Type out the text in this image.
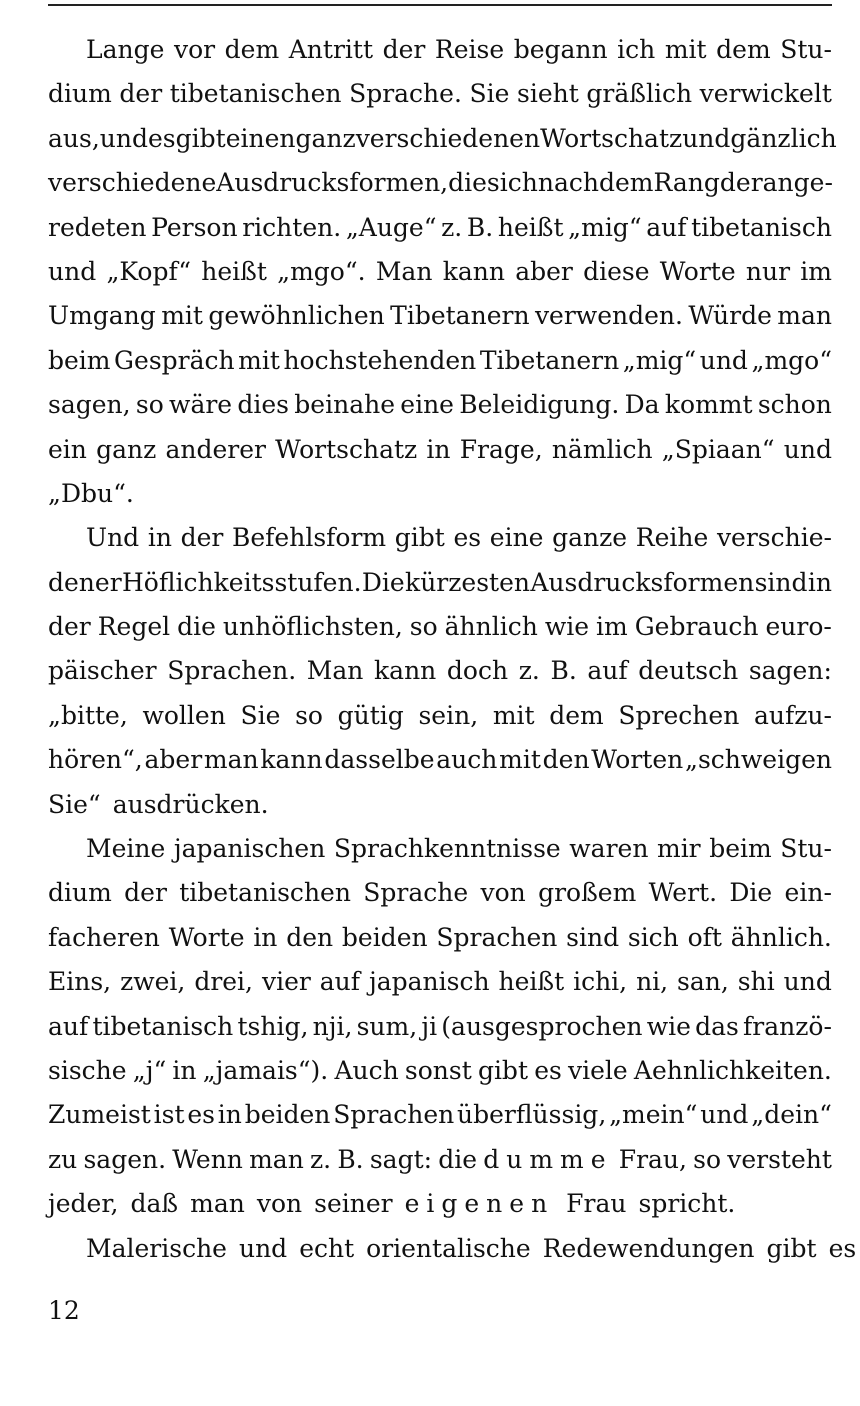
Lange vor dem Antritt der Reise begann ich mit dem Stu-
dium der tibetanischen Sprache. Sie sieht gräßlich verwickelt
aus, und es gibt einen ganz verschiedenen Wortschatz und gänzlich
verschiedene Ausdrucksformen, die sich nach dem Rang der ange-
redeten Person richten. „Auge“ z. B. heißt „mig“ auf tibetanisch
und „Kopf“ heißt „mgo“. Man kann aber diese Worte nur im
Umgang mit gewöhnlichen Tibetanern verwenden. Würde man
beim Gespräch mit hochstehenden Tibetanern „mig“ und „mgo“
sagen, so wäre dies beinahe eine Beleidigung. Da kommt schon
ein ganz anderer Wortschatz in Frage, nämlich „Spiaan“ und
„Dbu“.
Und in der Befehlsform gibt es eine ganze Reihe verschie-
dener Höflichkeitsstufen. Die kürzesten Ausdrucksformen sind in
der Regel die unhöflichsten, so ähnlich wie im Gebrauch euro-
päischer Sprachen. Man kann doch z. B. auf deutsch sagen:
„bitte, wollen Sie so gütig sein, mit dem Sprechen aufzu-
hören“, aber man kann dasselbe auch mit den Worten „schweigen
Sie“ ausdrücken.
Meine japanischen Sprachkenntnisse waren mir beim Stu-
dium der tibetanischen Sprache von großem Wert. Die ein-
facheren Worte in den beiden Sprachen sind sich oft ähnlich.
Eins, zwei, drei, vier auf japanisch heißt ichi, ni, san, shi und
auf tibetanisch tshig, nji, sum, ji (ausgesprochen wie das franzö-
sische „j“ in „jamais“). Auch sonst gibt es viele Aehnlichkeiten.
Zumeist ist es in beiden Sprachen überflüssig, „mein“ und „dein“
zu sagen. Wenn man z. B. sagt: die dumme Frau, so versteht
jeder, daß man von seiner eigenen Frau spricht.
Malerische und echt orientalische Redewendungen gibt es
12
